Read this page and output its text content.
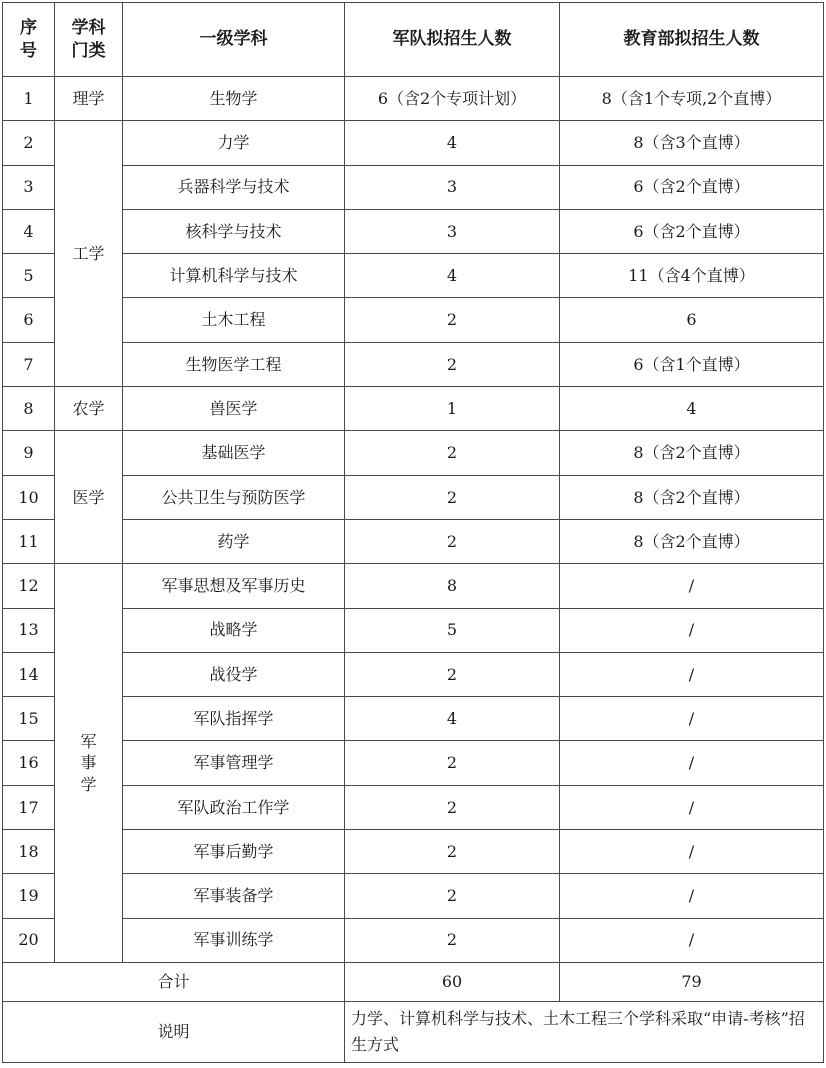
序号	学科门类	一级学科	军队拟招生人数	教育部拟招生人数
1	理学	生物学	6（含2个专项计划）	8（含1个专项,2个直博）
2	工学	力学	4	8（含3个直博）
3		兵器科学与技术	3	6（含2个直博）
4		核科学与技术	3	6（含2个直博）
5		计算机科学与技术	4	11（含4个直博）
6		土木工程	2	6
7		生物医学工程	2	6（含1个直博）
8	农学	兽医学	1	4
9	医学	基础医学	2	8（含2个直博）
10		公共卫生与预防医学	2	8（含2个直博）
11		药学	2	8（含2个直博）
12	军事学	军事思想及军事历史	8	/
13		战略学	5	/
14		战役学	2	/
15		军队指挥学	4	/
16		军事管理学	2	/
17		军队政治工作学	2	/
18		军事后勤学	2	/
19		军事装备学	2	/
20		军事训练学	2	/
合计			60	79
说明			力学、计算机科学与技术、土木工程三个学科采取“申请-考核”招生方式	
